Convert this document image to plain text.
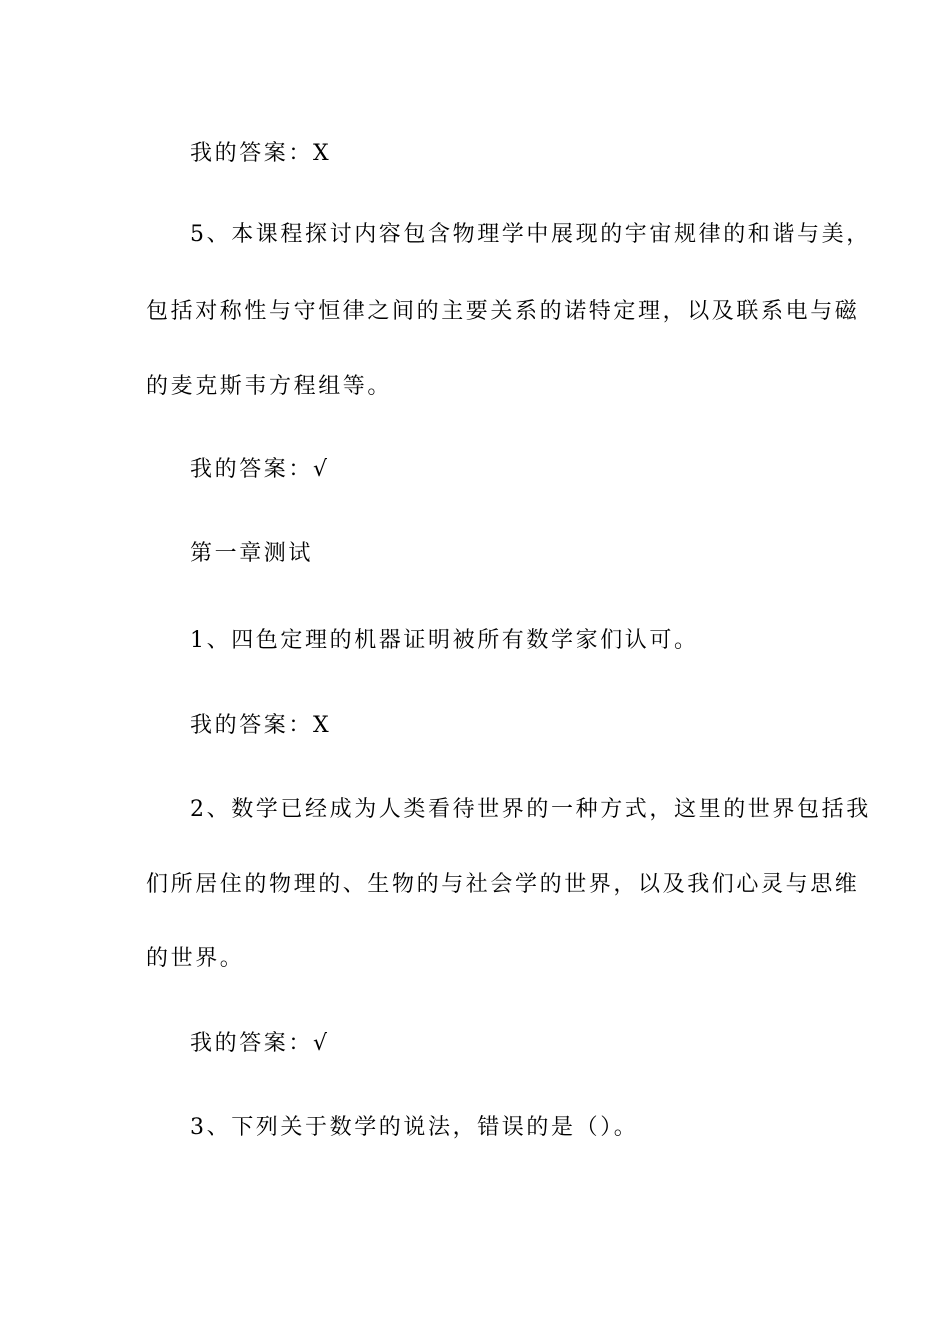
我的答案：X
5、本课程探讨内容包含物理学中展现的宇宙规律的和谐与美，
包括对称性与守恒律之间的主要关系的诺特定理，以及联系电与磁
的麦克斯韦方程组等。
我的答案：√
第一章测试
1、四色定理的机器证明被所有数学家们认可。
我的答案：X
2、数学已经成为人类看待世界的一种方式，这里的世界包括我
们所居住的物理的、生物的与社会学的世界，以及我们心灵与思维
的世界。
我的答案：√
3、下列关于数学的说法，错误的是（）。
